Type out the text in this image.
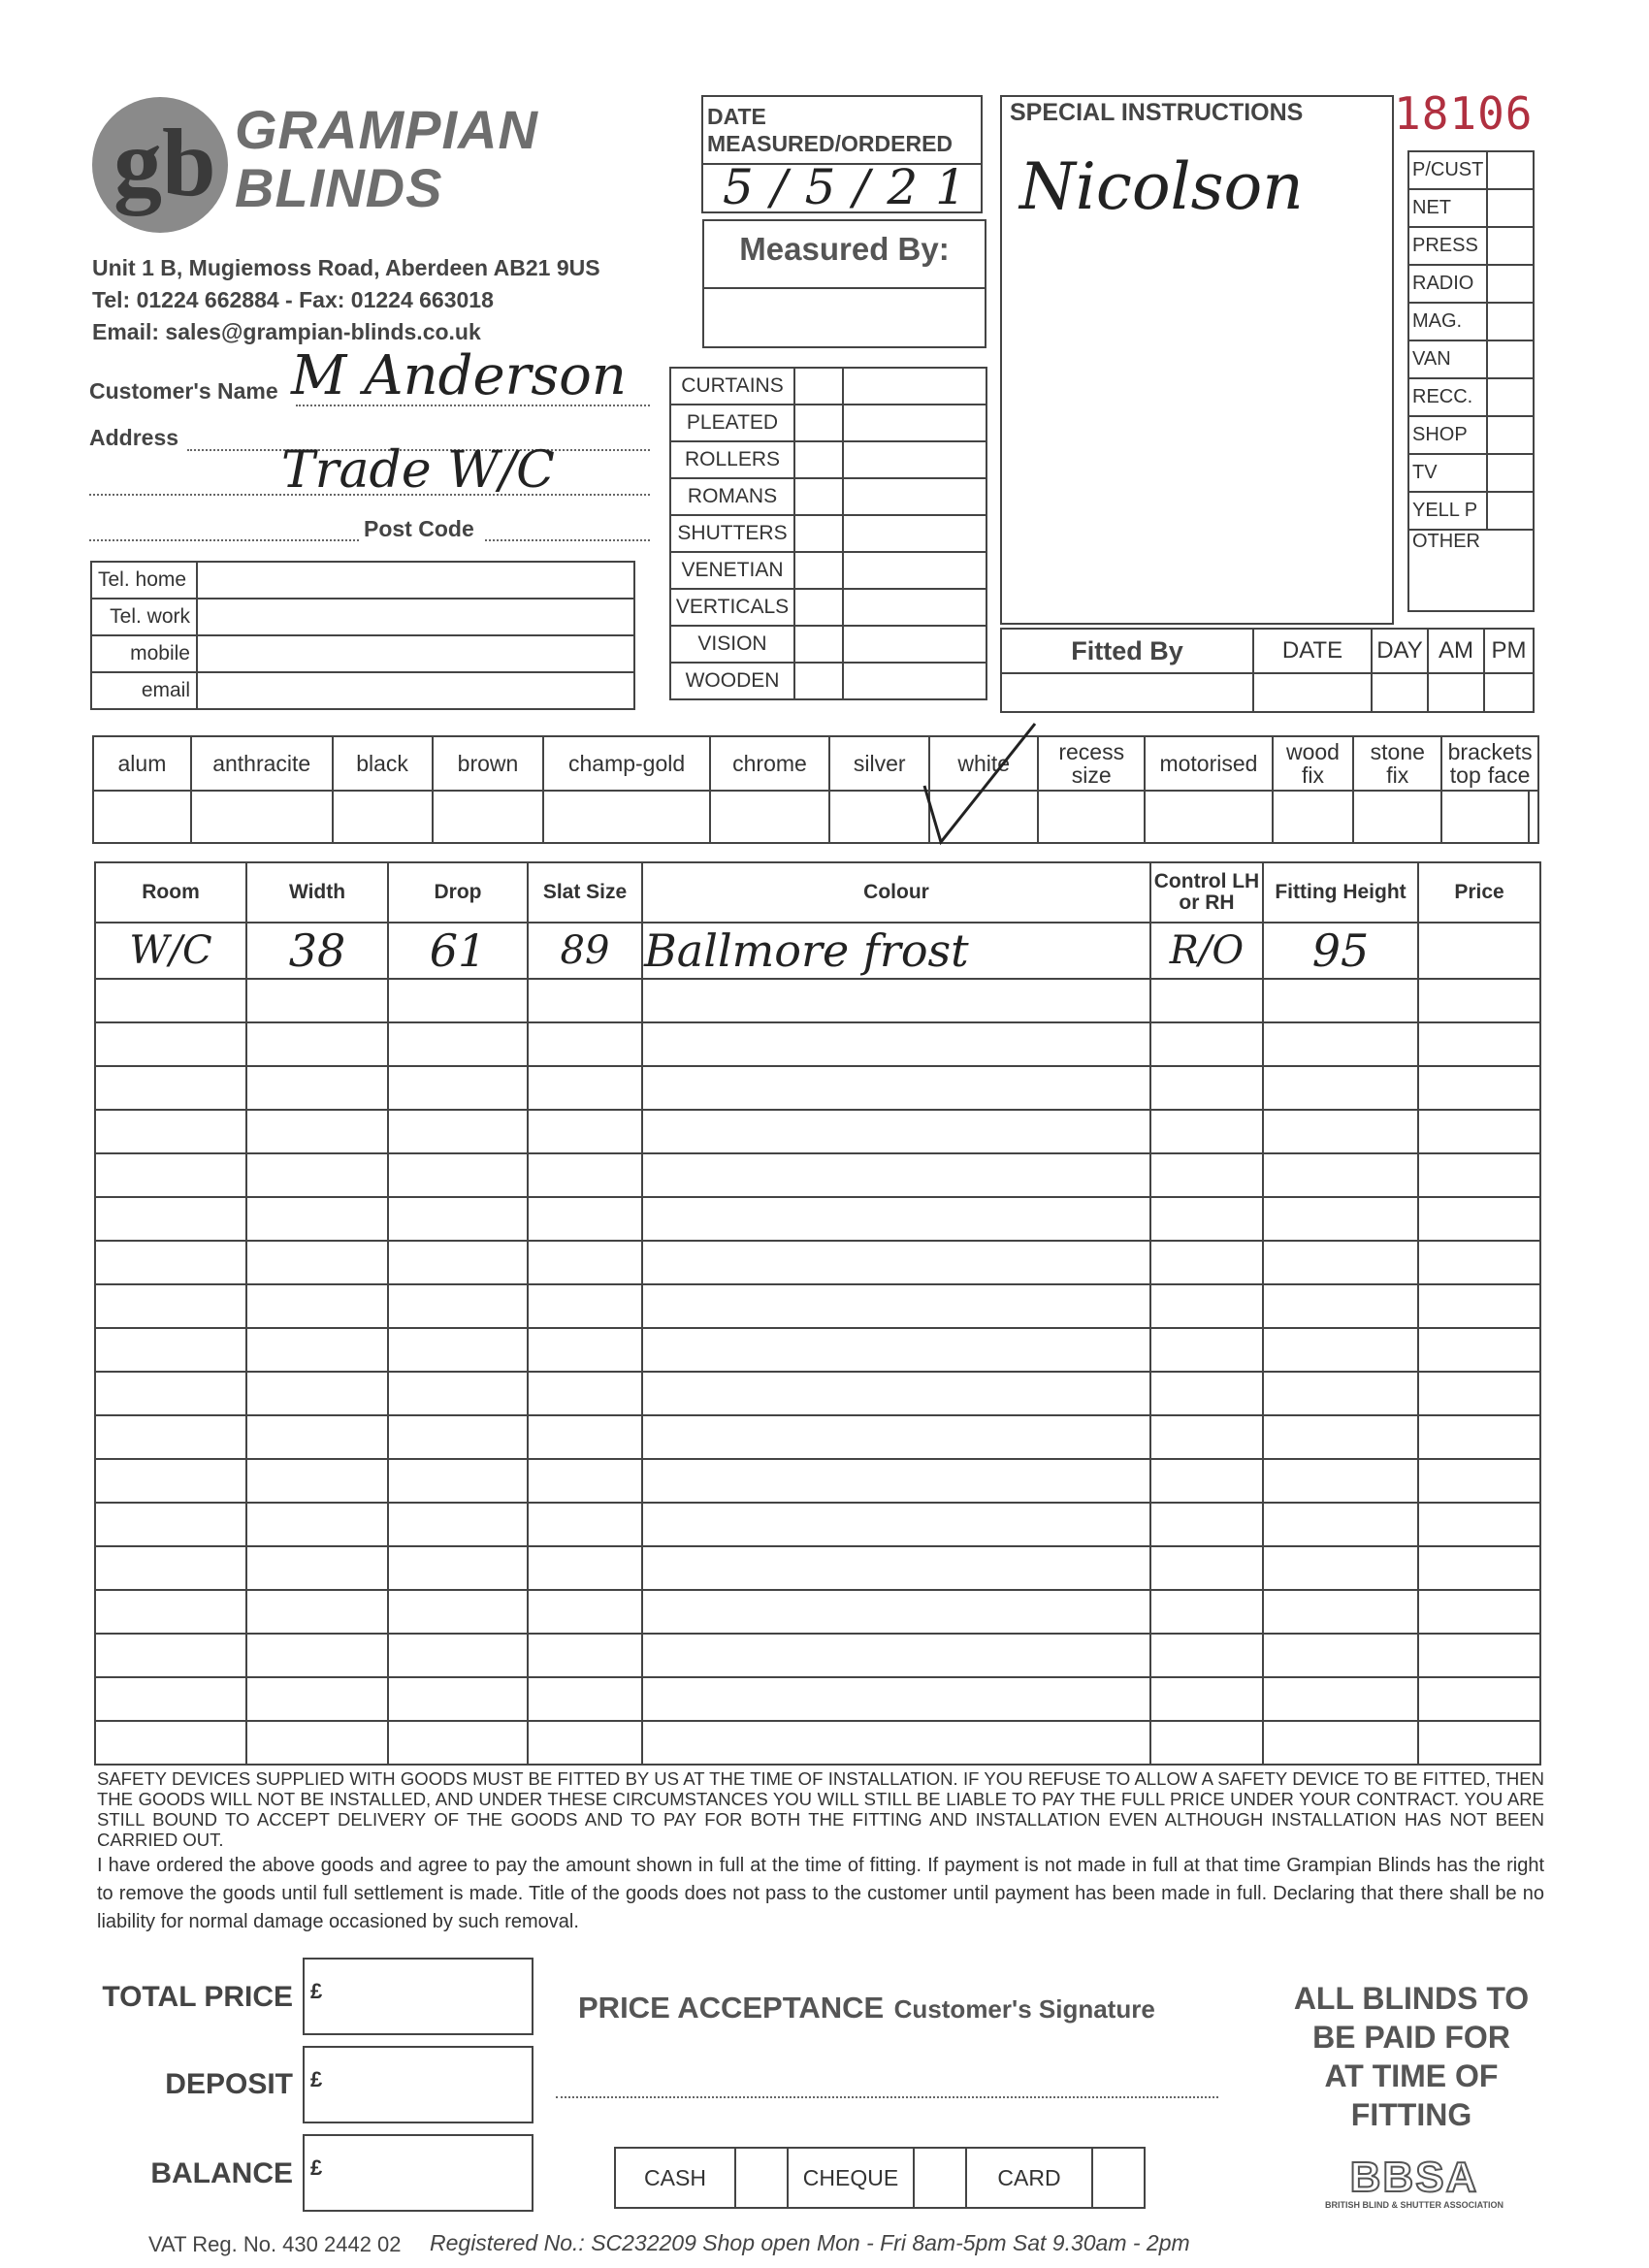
gb GRAMPIAN
BLINDS
Unit 1 B, Mugiemoss Road, Aberdeen AB21 9US
Tel: 01224 662884 - Fax: 01224 663018
Email: sales@grampian-blinds.co.uk
Customer's Name M Anderson
Address
Trade W/C
Post Code
Tel. home	
Tel. work	
mobile	
email	
DATE MEASURED/ORDERED
5/5/21
Measured By:
CURTAINS		
PLEATED		
ROLLERS		
ROMANS		
SHUTTERS		
VENETIAN		
VERTICALS		
VISION		
WOODEN		
SPECIAL INSTRUCTIONS
Nicolson
18106
P/CUST	
NET	
PRESS	
RADIO	
MAG.	
VAN	
RECC.	
SHOP	
TV	
YELL P	
OTHER	
Fitted By	DATE	DAY	AM	PM

alum	anthracite	black	brown	champ-gold	chrome	silver	white	recess size	motorised	wood fix	stone fix	brackets
top face	

Room	Width	Drop	Slat Size	Colour	Control LH or RH	Fitting Height	Price
W/C	38	61	89	Ballmore frost	R/O	95	

SAFETY DEVICES SUPPLIED WITH GOODS MUST BE FITTED BY US AT THE TIME OF INSTALLATION. IF YOU REFUSE TO ALLOW A SAFETY DEVICE TO BE FITTED, THEN THE GOODS WILL NOT BE INSTALLED, AND UNDER THESE CIRCUMSTANCES YOU WILL STILL BE LIABLE TO PAY THE FULL PRICE UNDER YOUR CONTRACT. YOU ARE STILL BOUND TO ACCEPT DELIVERY OF THE GOODS AND TO PAY FOR BOTH THE FITTING AND INSTALLATION EVEN ALTHOUGH INSTALLATION HAS NOT BEEN CARRIED OUT.
I have ordered the above goods and agree to pay the amount shown in full at the time of fitting. If payment is not made in full at that time Grampian Blinds has the right to remove the goods until full settlement is made. Title of the goods does not pass to the customer until payment has been made in full. Declaring that there shall be no liability for normal damage occasioned by such removal.
TOTAL PRICE £
DEPOSIT £
BALANCE £
PRICE ACCEPTANCE Customer's Signature
CASH		CHEQUE		CARD	
ALL BLINDS TO
BE PAID FOR
AT TIME OF
FITTING
BBSA
BRITISH BLIND & SHUTTER ASSOCIATION
VAT Reg. No. 430 2442 02 Registered No.: SC232209 Shop open Mon - Fri 8am-5pm Sat 9.30am - 2pm
